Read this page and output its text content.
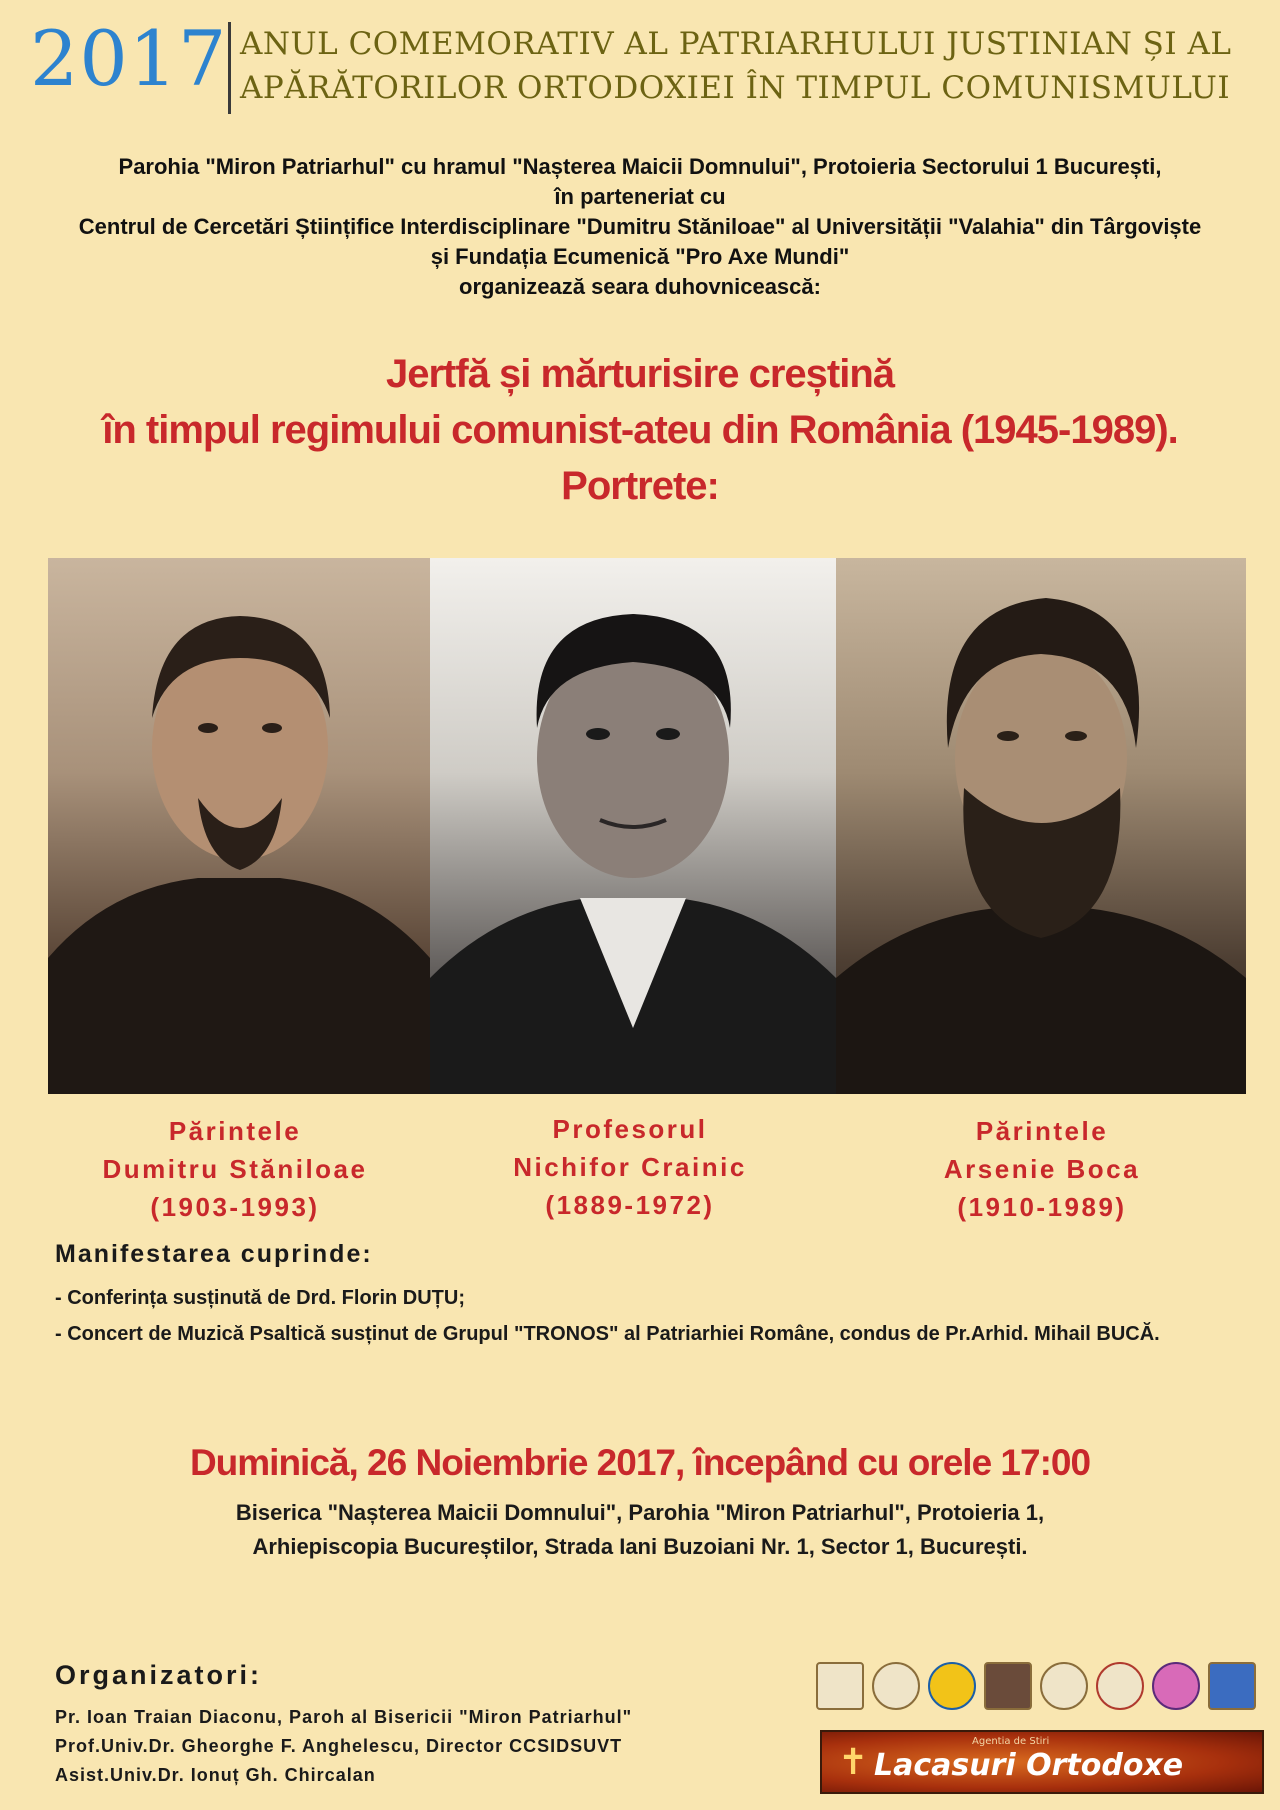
2017 ANUL COMEMORATIV AL PATRIARHULUI JUSTINIAN ȘI AL
APĂRĂTORILOR ORTODOXIEI ÎN TIMPUL COMUNISMULUI
Parohia "Miron Patriarhul" cu hramul "Nașterea Maicii Domnului", Protoieria Sectorului 1 București,
în parteneriat cu
Centrul de Cercetări Științifice Interdisciplinare "Dumitru Stăniloae" al Universității "Valahia" din Târgoviște
și Fundația Ecumenică "Pro Axe Mundi"
organizează seara duhovnicească:
Jertfă și mărturisire creștină
în timpul regimului comunist-ateu din România (1945-1989).
Portrete:
Părintele
Dumitru Stăniloae
(1903-1993)
Profesorul
Nichifor Crainic
(1889-1972)
Părintele
Arsenie Boca
(1910-1989)
Manifestarea cuprinde:
- Conferința susținută de Drd. Florin DUȚU;
- Concert de Muzică Psaltică susținut de Grupul "TRONOS" al Patriarhiei Române, condus de Pr.Arhid. Mihail BUCĂ.
Duminică, 26 Noiembrie 2017, începând cu orele 17:00
Biserica "Nașterea Maicii Domnului", Parohia "Miron Patriarhul", Protoieria 1,
Arhiepiscopia Bucureștilor, Strada Iani Buzoiani Nr. 1, Sector 1, București.
Organizatori:
Pr. Ioan Traian Diaconu, Paroh al Bisericii "Miron Patriarhul"
Prof.Univ.Dr. Gheorghe F. Anghelescu, Director CCSIDSUVT
Asist.Univ.Dr. Ionuț Gh. Chircalan	✝
Agentia de Stiri
Lacasuri Ortodoxe
